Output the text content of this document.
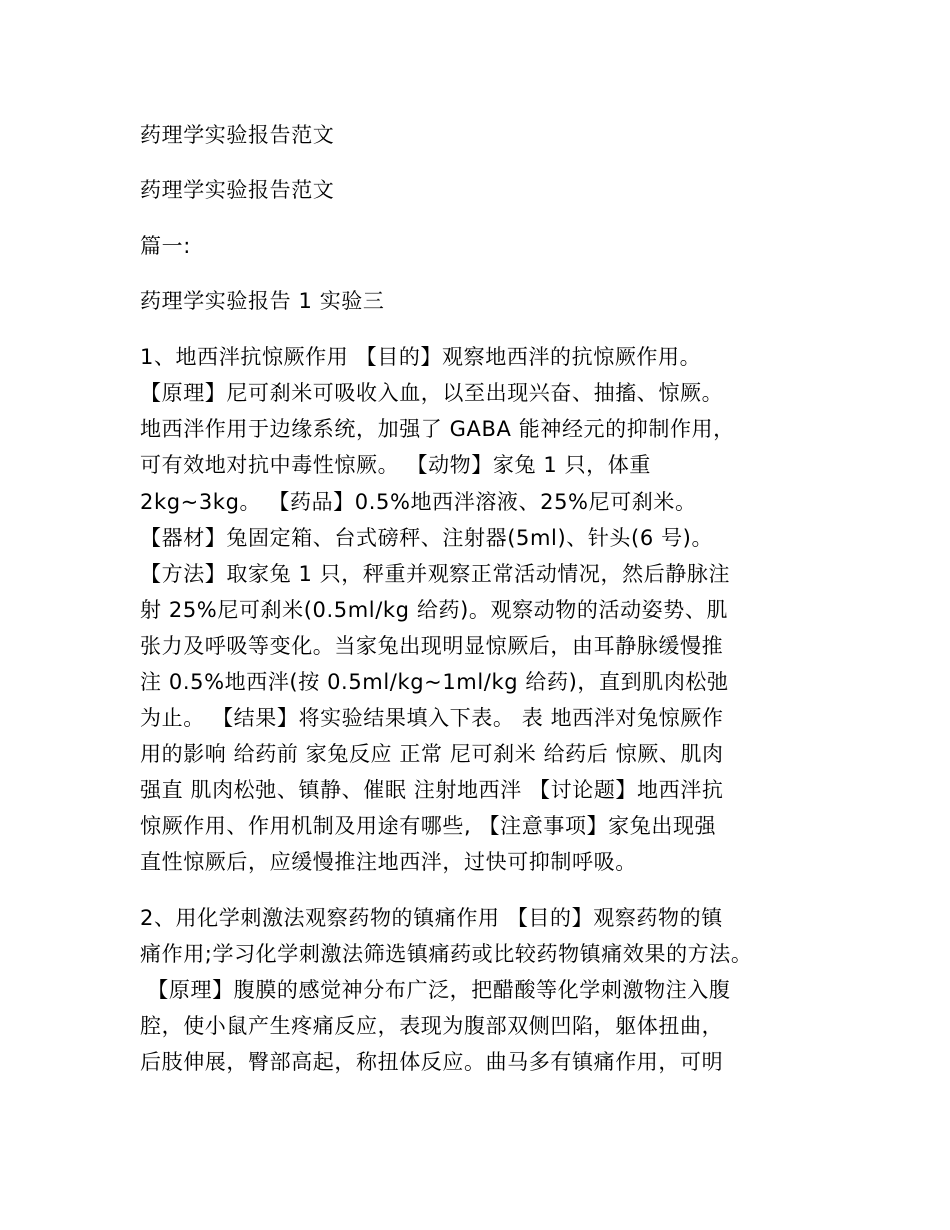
药理学实验报告范文
药理学实验报告范文
篇一:
药理学实验报告 1 实验三
1、地西泮抗惊厥作用 【目的】观察地西泮的抗惊厥作用。
【原理】尼可刹米可吸收入血，以至出现兴奋、抽搐、惊厥。
地西泮作用于边缘系统，加强了 GABA 能神经元的抑制作用，
可有效地对抗中毒性惊厥。 【动物】家兔 1 只，体重
2kg~3kg。 【药品】0.5%地西泮溶液、25%尼可刹米。
【器材】兔固定箱、台式磅秤、注射器(5ml)、针头(6 号)。
【方法】取家兔 1 只，秤重并观察正常活动情况，然后静脉注
射 25%尼可刹米(0.5ml/kg 给药)。观察动物的活动姿势、肌
张力及呼吸等变化。当家兔出现明显惊厥后，由耳静脉缓慢推
注 0.5%地西泮(按 0.5ml/kg~1ml/kg 给药)，直到肌肉松弛
为止。 【结果】将实验结果填入下表。 表 地西泮对兔惊厥作
用的影响 给药前 家兔反应 正常 尼可刹米 给药后 惊厥、肌肉
强直 肌肉松弛、镇静、催眠 注射地西泮 【讨论题】地西泮抗
惊厥作用、作用机制及用途有哪些, 【注意事项】家兔出现强
直性惊厥后，应缓慢推注地西泮，过快可抑制呼吸。
2、用化学刺激法观察药物的镇痛作用 【目的】观察药物的镇
痛作用;学习化学刺激法筛选镇痛药或比较药物镇痛效果的方法。
【原理】腹膜的感觉神分布广泛，把醋酸等化学刺激物注入腹
腔，使小鼠产生疼痛反应，表现为腹部双侧凹陷，躯体扭曲，
后肢伸展，臀部高起，称扭体反应。曲马多有镇痛作用，可明
